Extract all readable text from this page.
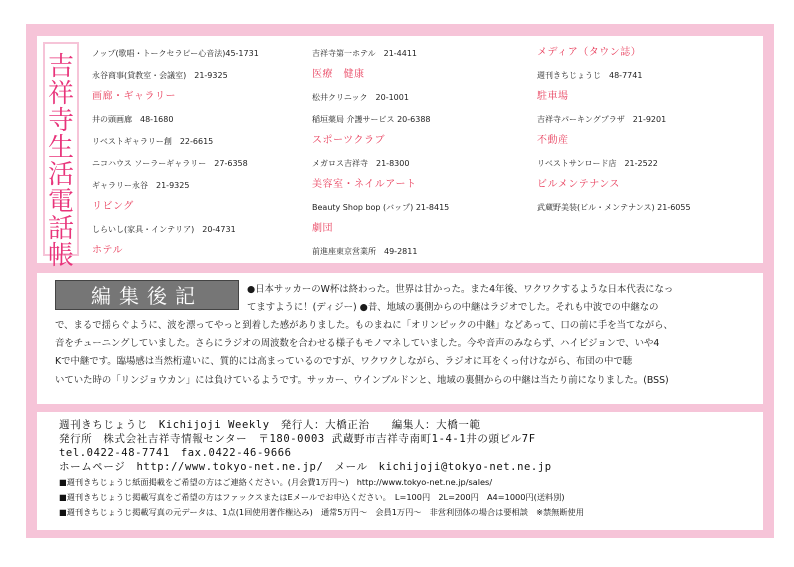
吉祥寺生活電話帳
ノップ(歌唱・トークセラピー心音法)45-1731
永谷商事(貸教室・会議室)　21-9325
画廊・ギャラリー
井の頭画廊　48-1680
リベストギャラリー創　22-6615
ニコハウス ソーラーギャラリー　27-6358
ギャラリー永谷　21-9325
リビング
しらいし(家具・インテリア)　20-4731
ホテル
吉祥寺第一ホテル　21-4411
医療　健康
松井クリニック　20-1001
稲垣薬局 介護サービス 20-6388
スポーツクラブ
メガロス吉祥寺　21-8300
美容室・ネイルアート
Beauty Shop bop (バップ) 21-8415
劇団
前進座東京営業所　49-2811
メディア（タウン誌）
週刊きちじょうじ　48-7741
駐車場
吉祥寺パーキングプラザ　21-9201
不動産
リベストサンロード店　21-2522
ビルメンテナンス
武蔵野美装(ビル・メンテナンス) 21-6055
編集後記	●日本サッカーのW杯は終わった。世界は甘かった。また4年後、ワクワクするような日本代表になっ
てますように！(ディジー) ●昔、地域の裏側からの中継はラジオでした。それも中波での中継なの
で、まるで揺らぐように、波を漂ってやっと到着した感がありました。ものまねに「オリンピックの中継」などあって、口の前に手を当てながら、
音をチューニングしていました。さらにラジオの周波数を合わせる様子もモノマネしていました。今や音声のみならず、ハイビジョンで、いや4
Kで中継です。臨場感は当然桁違いに、質的には高まっているのですが、ワクワクしながら、ラジオに耳をくっ付けながら、布団の中で聴
いていた時の「リンジョウカン」には負けているようです。サッカー、ウインブルドンと、地域の裏側からの中継は当たり前になりました。(BSS)
週刊きちじょうじ　Kichijoji Weekly　発行人：大橋正治　　編集人：大橋一範
発行所　株式会社吉祥寺情報センター　〒180-0003 武蔵野市吉祥寺南町1-4-1井の頭ビル7F
tel.0422-48-7741　fax.0422-46-9666
ホームページ　http://www.tokyo-net.ne.jp/　メール　kichijoji@tokyo-net.ne.jp
■週刊きちじょうじ紙面掲載をご希望の方はご連絡ください。(月会費1万円～)　http://www.tokyo-net.ne.jp/sales/
■週刊きちじょうじ掲載写真をご希望の方はファックスまたはEメールでお申込ください。　L=100円　2L=200円　A4=1000円(送料別)
■週刊きちじょうじ掲載写真の元データは、1点(1回使用著作権込み)　通常5万円～　会員1万円～　非営利団体の場合は要相談　※禁無断使用
